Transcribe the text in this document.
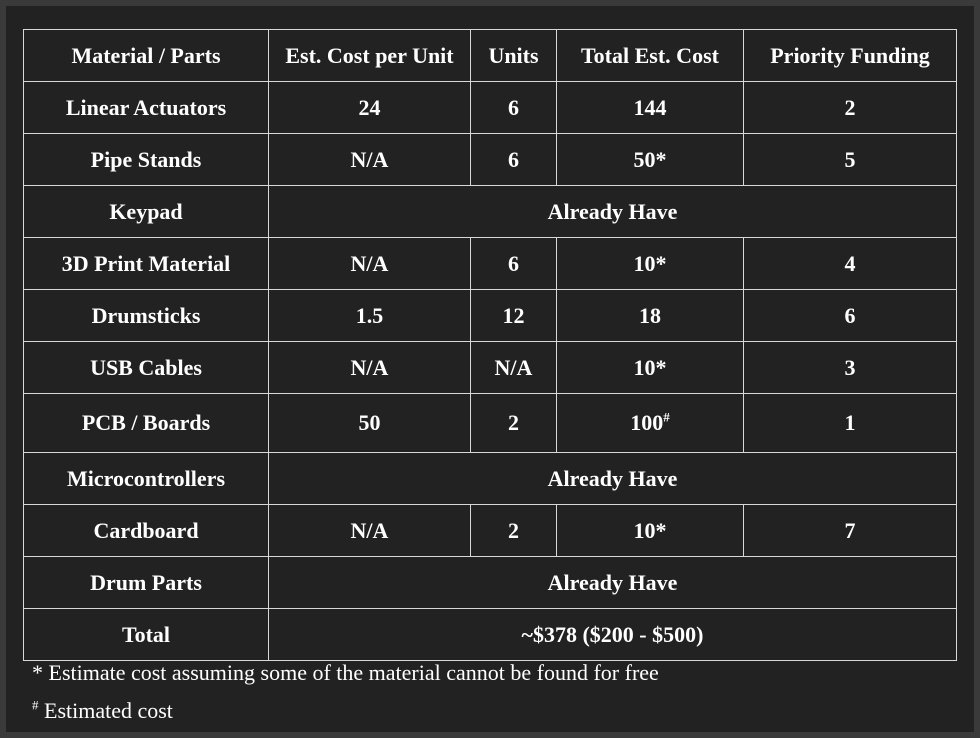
Material / Parts	Est. Cost per Unit	Units	Total Est. Cost	Priority Funding
Linear Actuators	24	6	144	2
Pipe Stands	N/A	6	50*	5
Keypad	Already Have			
3D Print Material	N/A	6	10*	4
Drumsticks	1.5	12	18	6
USB Cables	N/A	N/A	10*	3
PCB / Boards	50	2	100#	1
Microcontrollers	Already Have			
Cardboard	N/A	2	10*	7
Drum Parts	Already Have			
Total	~$378 ($200 - $500)			
* Estimate cost assuming some of the material cannot be found for free
# Estimated cost
